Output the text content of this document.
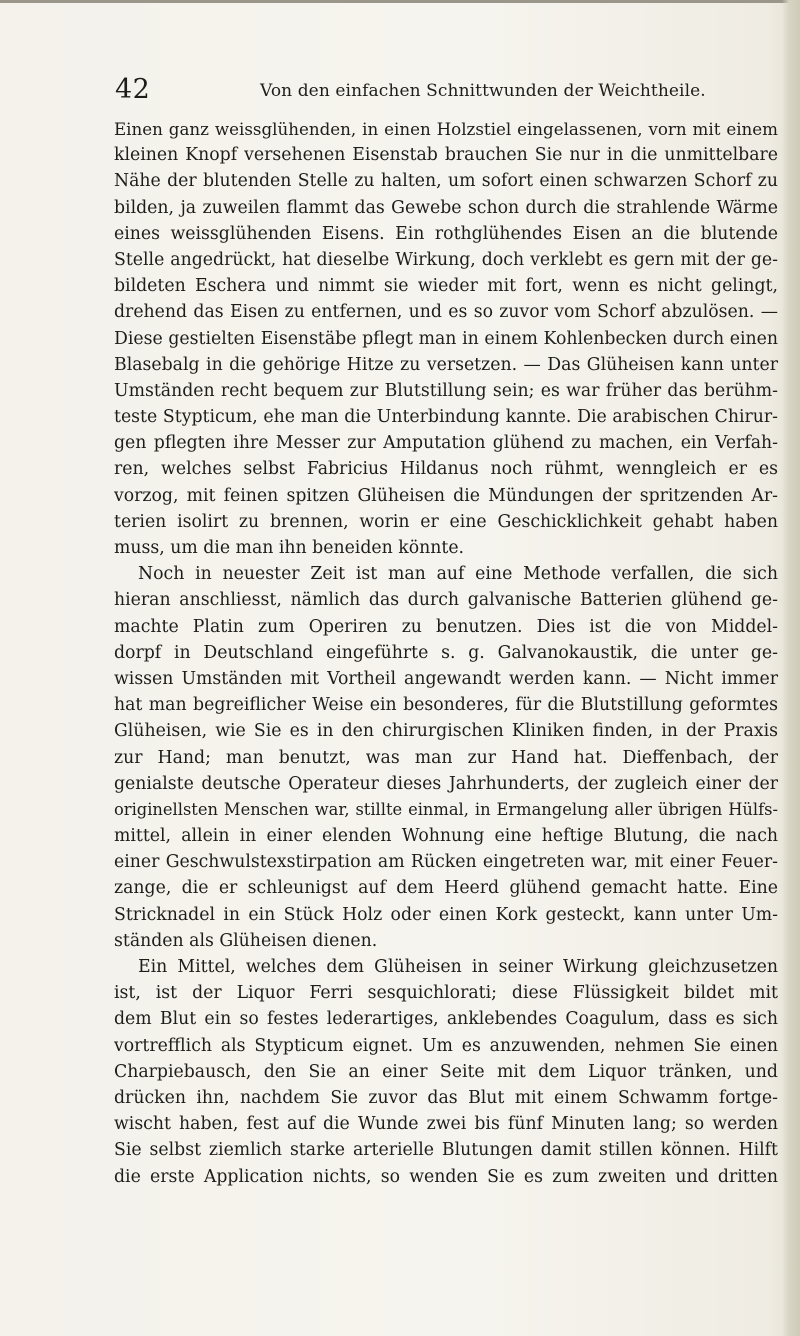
42	Von den einfachen Schnittwunden der Weichtheile.
Einen ganz weissglühenden, in einen Holzstiel eingelassenen, vorn mit einem
kleinen Knopf versehenen Eisenstab brauchen Sie nur in die unmittelbare
Nähe der blutenden Stelle zu halten, um sofort einen schwarzen Schorf zu
bilden, ja zuweilen flammt das Gewebe schon durch die strahlende Wärme
eines weissglühenden Eisens. Ein rothglühendes Eisen an die blutende
Stelle angedrückt, hat dieselbe Wirkung, doch verklebt es gern mit der ge-
bildeten Eschera und nimmt sie wieder mit fort, wenn es nicht gelingt,
drehend das Eisen zu entfernen, und es so zuvor vom Schorf abzulösen. —
Diese gestielten Eisenstäbe pflegt man in einem Kohlenbecken durch einen
Blasebalg in die gehörige Hitze zu versetzen. — Das Glüheisen kann unter
Umständen recht bequem zur Blutstillung sein; es war früher das berühm-
teste Stypticum, ehe man die Unterbindung kannte. Die arabischen Chirur-
gen pflegten ihre Messer zur Amputation glühend zu machen, ein Verfah-
ren, welches selbst Fabricius Hildanus noch rühmt, wenngleich er es
vorzog, mit feinen spitzen Glüheisen die Mündungen der spritzenden Ar-
terien isolirt zu brennen, worin er eine Geschicklichkeit gehabt haben
muss, um die man ihn beneiden könnte.
Noch in neuester Zeit ist man auf eine Methode verfallen, die sich
hieran anschliesst, nämlich das durch galvanische Batterien glühend ge-
machte Platin zum Operiren zu benutzen. Dies ist die von Middel-
dorpf in Deutschland eingeführte s. g. Galvanokaustik, die unter ge-
wissen Umständen mit Vortheil angewandt werden kann. — Nicht immer
hat man begreiflicher Weise ein besonderes, für die Blutstillung geformtes
Glüheisen, wie Sie es in den chirurgischen Kliniken finden, in der Praxis
zur Hand; man benutzt, was man zur Hand hat. Dieffenbach, der
genialste deutsche Operateur dieses Jahrhunderts, der zugleich einer der
originellsten Menschen war, stillte einmal, in Ermangelung aller übrigen Hülfs-
mittel, allein in einer elenden Wohnung eine heftige Blutung, die nach
einer Geschwulstexstirpation am Rücken eingetreten war, mit einer Feuer-
zange, die er schleunigst auf dem Heerd glühend gemacht hatte. Eine
Stricknadel in ein Stück Holz oder einen Kork gesteckt, kann unter Um-
ständen als Glüheisen dienen.
Ein Mittel, welches dem Glüheisen in seiner Wirkung gleichzusetzen
ist, ist der Liquor Ferri sesquichlorati; diese Flüssigkeit bildet mit
dem Blut ein so festes lederartiges, anklebendes Coagulum, dass es sich
vortrefflich als Stypticum eignet. Um es anzuwenden, nehmen Sie einen
Charpiebausch, den Sie an einer Seite mit dem Liquor tränken, und
drücken ihn, nachdem Sie zuvor das Blut mit einem Schwamm fortge-
wischt haben, fest auf die Wunde zwei bis fünf Minuten lang; so werden
Sie selbst ziemlich starke arterielle Blutungen damit stillen können. Hilft
die erste Application nichts, so wenden Sie es zum zweiten und dritten
